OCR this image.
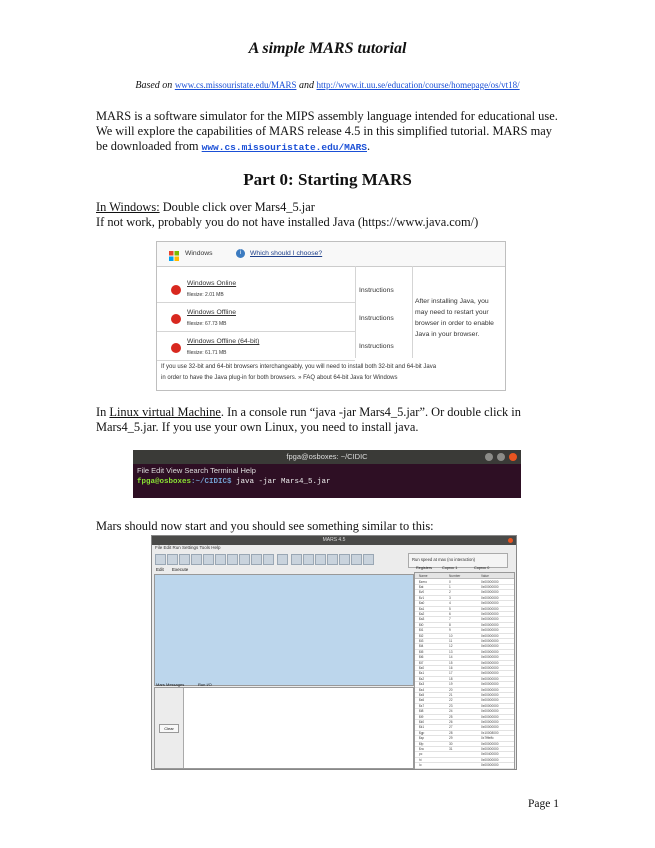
A simple MARS tutorial
Based on www.cs.missouristate.edu/MARS and http://www.it.uu.se/education/course/homepage/os/vt18/
MARS is a software simulator for the MIPS assembly language intended for educational use. We will explore the capabilities of MARS release 4.5 in this simplified tutorial. MARS may be downloaded from www.cs.missouristate.edu/MARS.
Part 0: Starting MARS
In Windows: Double click over Mars4_5.jar
If not work, probably you do not have installed Java (https://www.java.com/)
Windows	i	Which should I choose?
Windows Online
filesize: 2.01 MB
Instructions
Windows Offline
filesize: 67.73 MB
Instructions
Windows Offline (64-bit)
filesize: 61.71 MB
Instructions
After installing Java, you may need to restart your browser in order to enable Java in your browser.
If you use 32-bit and 64-bit browsers interchangeably, you will need to install both 32-bit and 64-bit Java
in order to have the Java plug-in for both browsers. » FAQ about 64-bit Java for Windows
In Linux virtual Machine. In a console run “java -jar Mars4_5.jar”. Or double click in Mars4_5.jar. If you use your own Linux, you need to install java.
fpga@osboxes: ~/CIDIC
File Edit View Search Terminal Help
fpga@osboxes:~/CIDIC$ java -jar Mars4_5.jar
Mars should now start and you should see something similar to this:
MARS 4.5
File Edit Run Settings Tools Help
Run speed at max (no interaction)
Edit Execute
Mars Messages	Run I/O
Clear
Registers	Coproc 1	Coproc 0
Name	Number	Value
$zero	0	0x00000000
$at	1	0x00000000
$v0	2	0x00000000
$v1	3	0x00000000
$a0	4	0x00000000
$a1	5	0x00000000
$a2	6	0x00000000
$a3	7	0x00000000
$t0	8	0x00000000
$t1	9	0x00000000
$t2	10	0x00000000
$t3	11	0x00000000
$t4	12	0x00000000
$t5	13	0x00000000
$t6	14	0x00000000
$t7	15	0x00000000
$s0	16	0x00000000
$s1	17	0x00000000
$s2	18	0x00000000
$s3	19	0x00000000
$s4	20	0x00000000
$s5	21	0x00000000
$s6	22	0x00000000
$s7	23	0x00000000
$t8	24	0x00000000
$t9	25	0x00000000
$k0	26	0x00000000
$k1	27	0x00000000
$gp	28	0x10008000
$sp	29	0x7fffeffc
$fp	30	0x00000000
$ra	31	0x00000000
pc	0x00400000
hi	0x00000000
lo	0x00000000
Page 1
